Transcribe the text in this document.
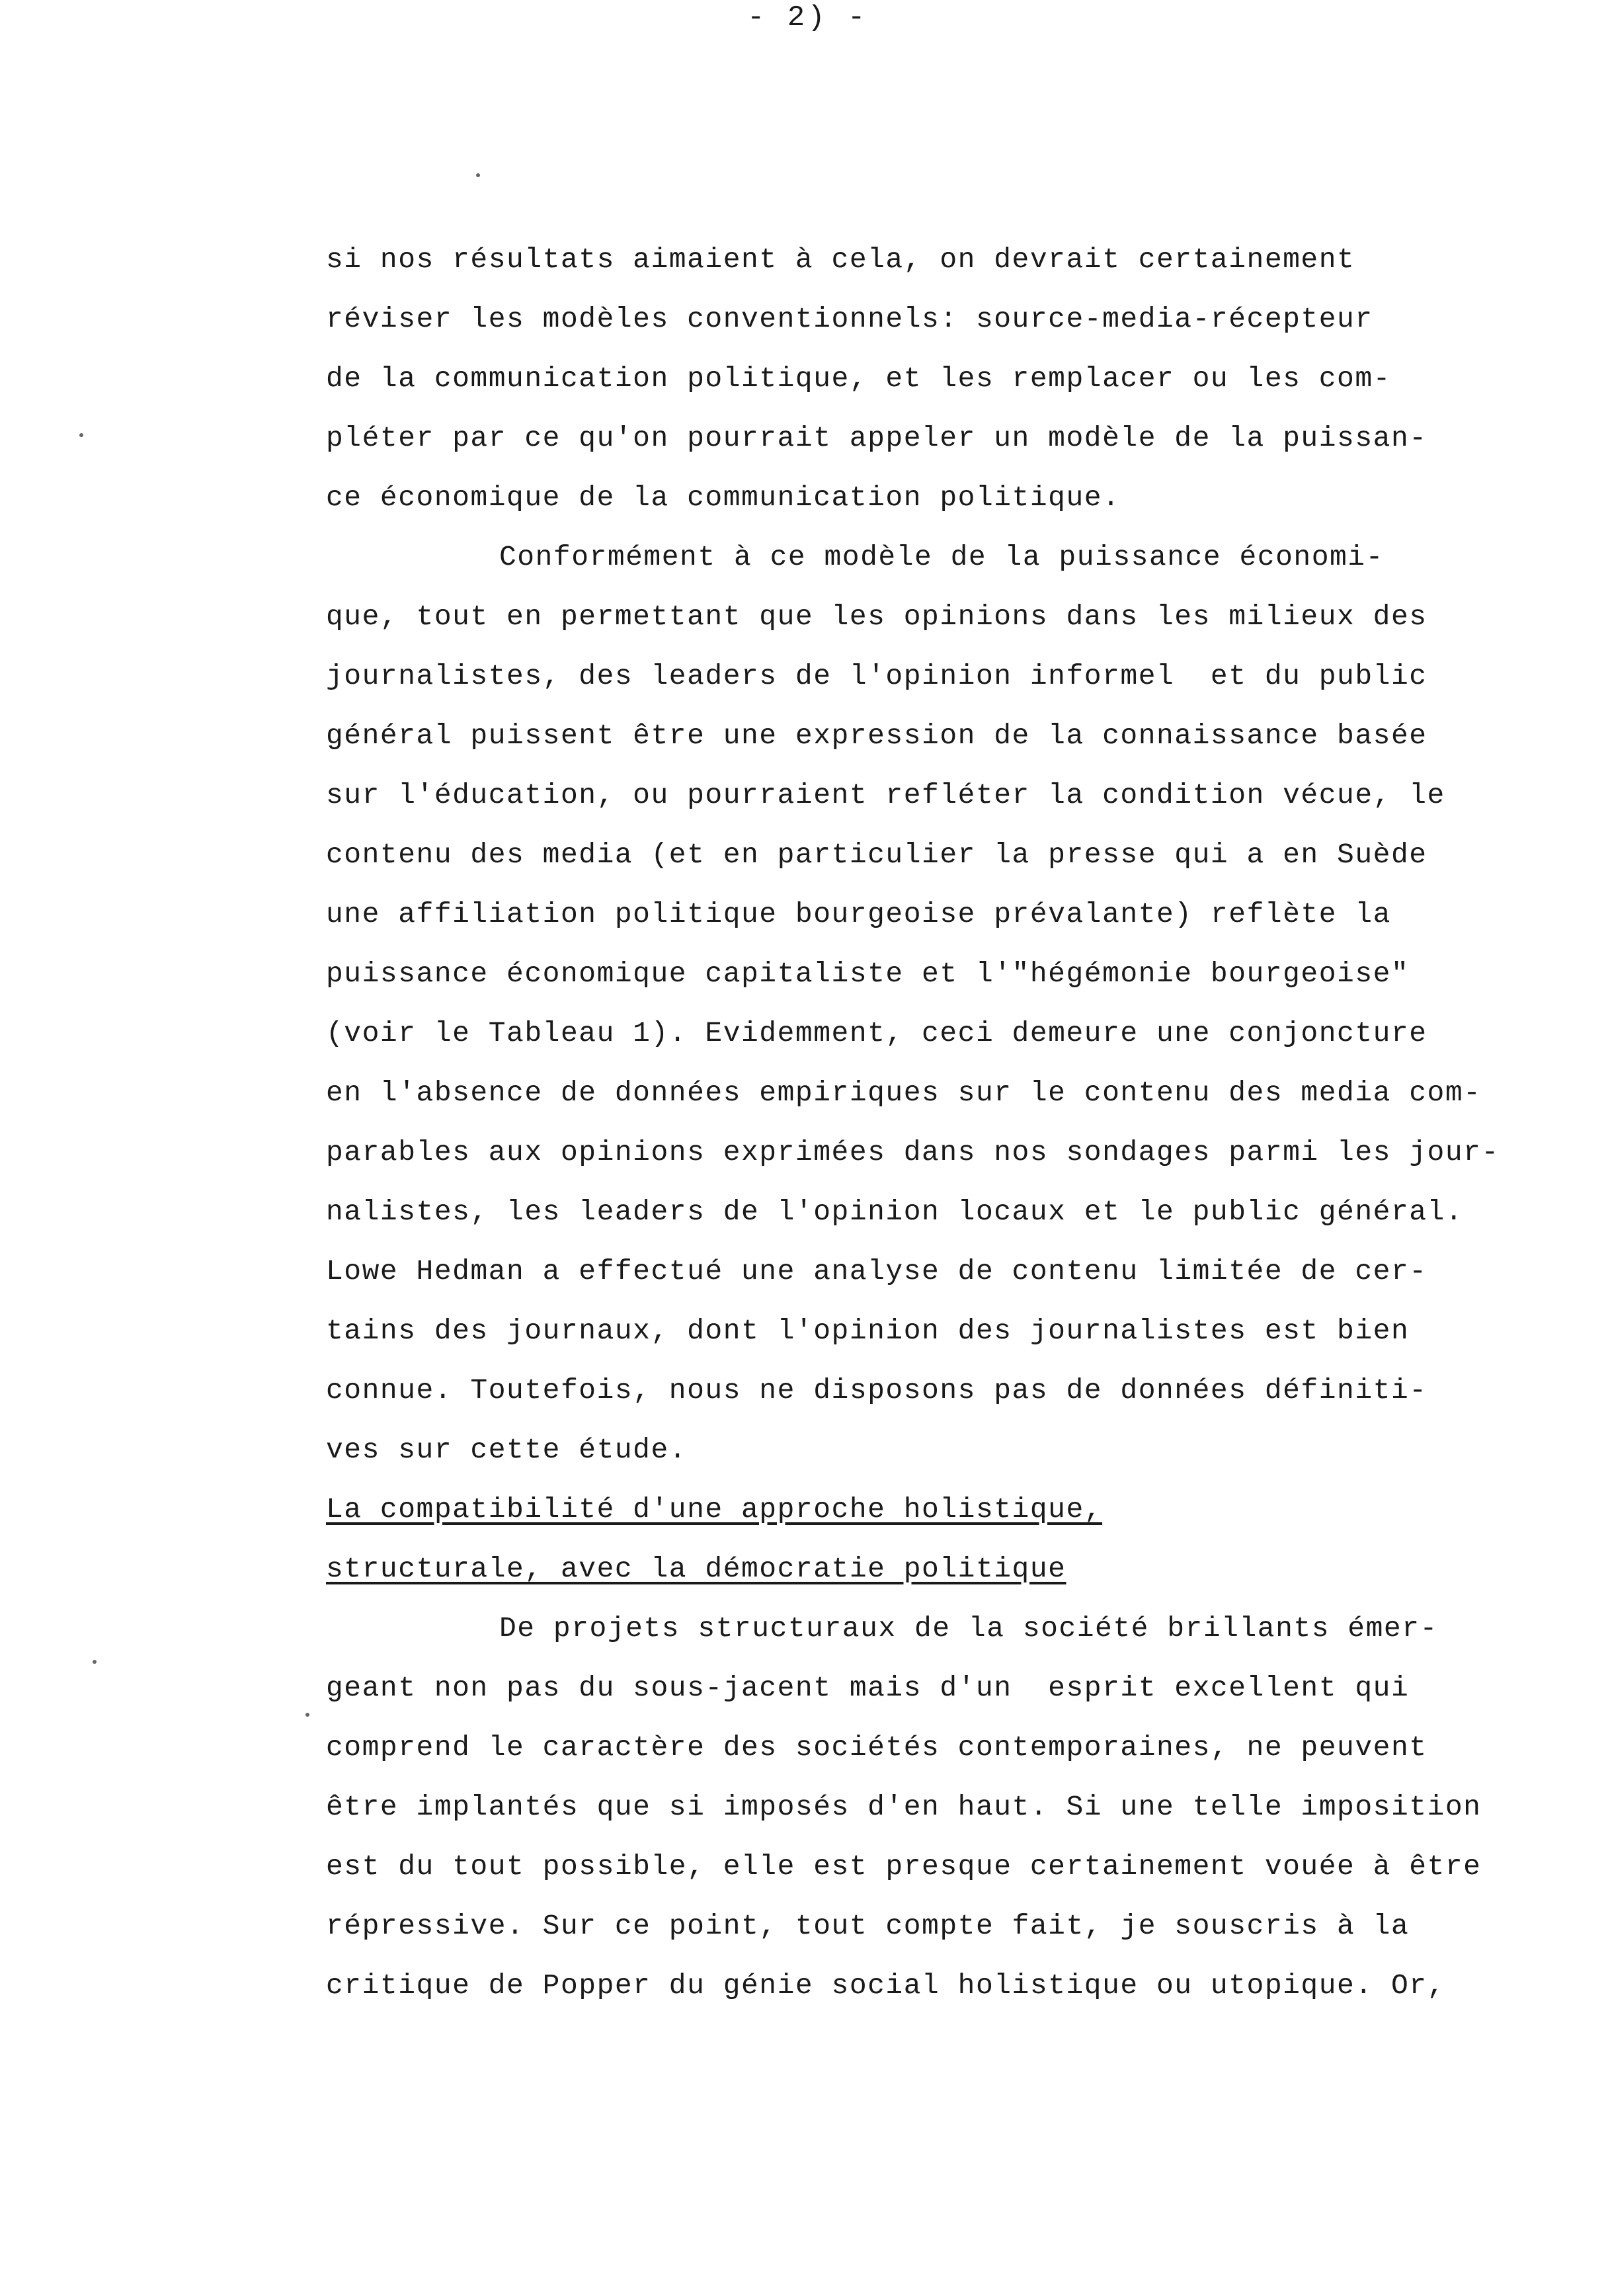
- 2) -
si nos résultats aimaient à cela, on devrait certainement
réviser les modèles conventionnels: source-media-récepteur
de la communication politique, et les remplacer ou les com-
pléter par ce qu'on pourrait appeler un modèle de la puissan-
ce économique de la communication politique.
Conformément à ce modèle de la puissance économi-
que, tout en permettant que les opinions dans les milieux des
journalistes, des leaders de l'opinion informel  et du public
général puissent être une expression de la connaissance basée
sur l'éducation, ou pourraient refléter la condition vécue, le
contenu des media (et en particulier la presse qui a en Suède
une affiliation politique bourgeoise prévalante) reflète la
puissance économique capitaliste et l'"hégémonie bourgeoise"
(voir le Tableau 1). Evidemment, ceci demeure une conjoncture
en l'absence de données empiriques sur le contenu des media com-
parables aux opinions exprimées dans nos sondages parmi les jour-
nalistes, les leaders de l'opinion locaux et le public général.
Lowe Hedman a effectué une analyse de contenu limitée de cer-
tains des journaux, dont l'opinion des journalistes est bien
connue. Toutefois, nous ne disposons pas de données définiti-
ves sur cette étude.
La compatibilité d'une approche holistique,
structurale, avec la démocratie politique
De projets structuraux de la société brillants émer-
geant non pas du sous-jacent mais d'un  esprit excellent qui
comprend le caractère des sociétés contemporaines, ne peuvent
être implantés que si imposés d'en haut. Si une telle imposition
est du tout possible, elle est presque certainement vouée à être
répressive. Sur ce point, tout compte fait, je souscris à la
critique de Popper du génie social holistique ou utopique. Or,
